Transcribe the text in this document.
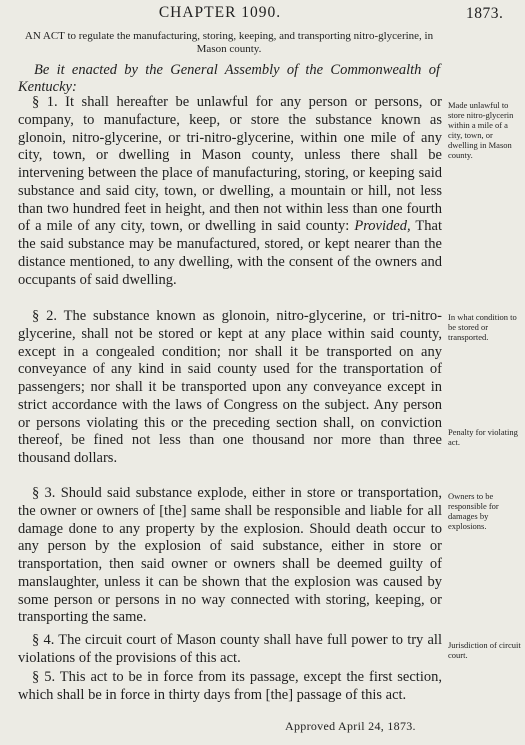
CHAPTER 1090.	1873.
AN ACT to regulate the manufacturing, storing, keeping, and transporting nitro-glycerine, in Mason county.

Be it enacted by the General Assembly of the Commonwealth of Kentucky:

§ 1. It shall hereafter be unlawful for any person or persons, or company, to manufacture, keep, or store the substance known as glonoin, nitro-glycerine, or tri-nitro-glycerine, within one mile of any city, town, or dwelling in Mason county, unless there shall be intervening between the place of manufacturing, storing, or keeping said substance and said city, town, or dwelling, a mountain or hill, not less than two hundred feet in height, and then not within less than one fourth of a mile of any city, town, or dwelling in said county: Provided, That the said substance may be manufactured, stored, or kept nearer than the distance mentioned, to any dwelling, with the consent of the owners and occupants of said dwelling.

§ 2. The substance known as glonoin, nitro-glycerine, or tri-nitro-glycerine, shall not be stored or kept at any place within said county, except in a congealed condition; nor shall it be transported on any conveyance of any kind in said county used for the transportation of passengers; nor shall it be transported upon any conveyance except in strict accordance with the laws of Congress on the subject. Any person or persons violating this or the preceding section shall, on conviction thereof, be fined not less than one thousand nor more than three thousand dollars.

§ 3. Should said substance explode, either in store or transportation, the owner or owners of [the] same shall be responsible and liable for all damage done to any property by the explosion. Should death occur to any person by the explosion of said substance, either in store or transportation, then said owner or owners shall be deemed guilty of manslaughter, unless it can be shown that the explosion was caused by some person or persons in no way connected with storing, keeping, or transporting the same.

§ 4. The circuit court of Mason county shall have full power to try all violations of the provisions of this act.

§ 5. This act to be in force from its passage, except the first section, which shall be in force in thirty days from [the] passage of this act.

Made unlawful to store nitro-glycerin within a mile of a city, town, or dwelling in Mason county.
In what condition to be stored or transported.
Penalty for violating act.
Owners to be responsible for damages by explosions.
Jurisdiction of circuit court.
Approved April 24, 1873.
